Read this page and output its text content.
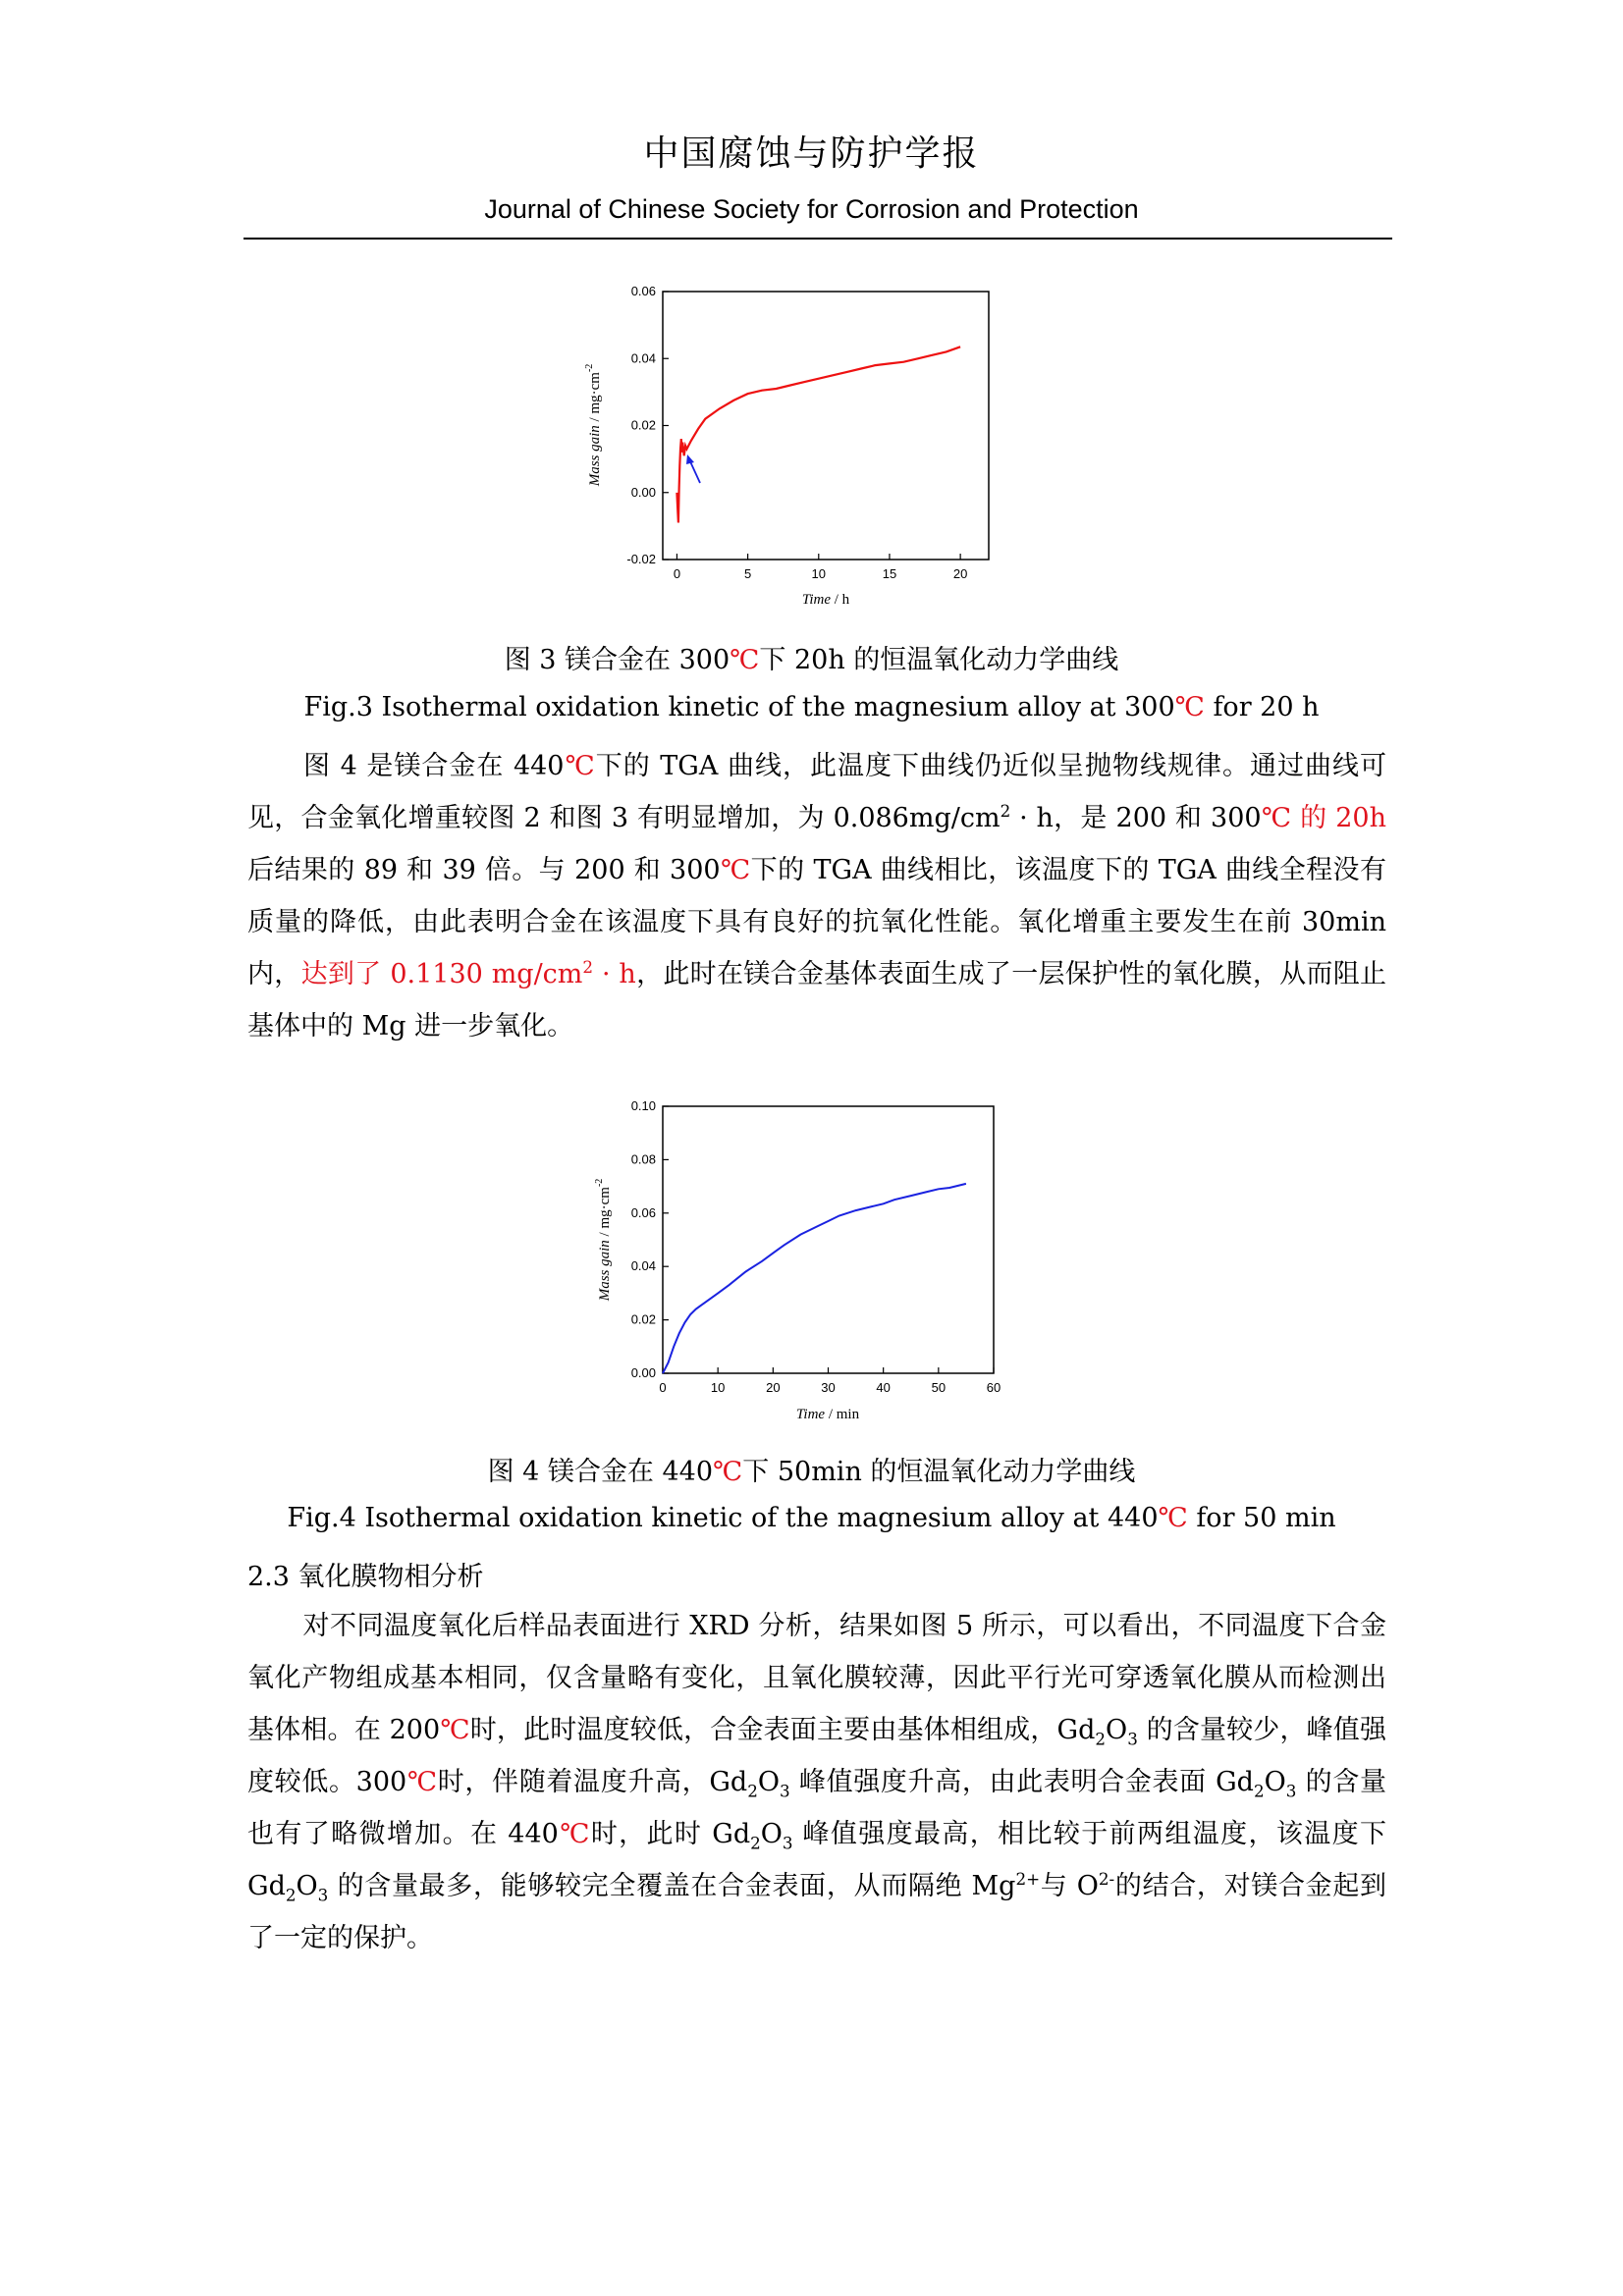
中国腐蚀与防护学报
Journal of Chinese Society for Corrosion and Protection
0	5	10	15	20
-0.02
0.00
0.02
0.04
0.06
Time / h
Mass gain / $mg\cdot cm^{-2}$
图 3 镁合金在 300℃下 20h 的恒温氧化动力学曲线
Fig.3 Isothermal oxidation kinetic of the magnesium alloy at 300℃ for 20 h
图 4 是镁合金在 440℃下的 TGA 曲线，此温度下曲线仍近似呈抛物线规律。通过曲线可见，合金氧化增重较图 2 和图 3 有明显增加，为 $0.086mg/cm^2 \cdot h$，是 200 和 300℃ 的 20h后结果的 89 和 39 倍。与 200 和 300℃下的 TGA 曲线相比，该温度下的 TGA 曲线全程没有质量的降低，由此表明合金在该温度下具有良好的抗氧化性能。氧化增重主要发生在前 30min 内，达到了 0.1130 $mg/cm^2 \cdot h$，此时在镁合金基体表面生成了一层保护性的氧化膜，从而阻止基体中的 Mg 进一步氧化。
0	10	20	30	40	50	60
0.00
0.02
0.04
0.06
0.08
0.10
Time / min
Mass gain / $mg\cdot cm^{-2}$
图 4 镁合金在 440℃下 50min 的恒温氧化动力学曲线
Fig.4 Isothermal oxidation kinetic of the magnesium alloy at 440℃ for 50 min
2.3 氧化膜物相分析
对不同温度氧化后样品表面进行 XRD 分析，结果如图 5 所示，可以看出，不同温度下合金氧化产物组成基本相同，仅含量略有变化，且氧化膜较薄，因此平行光可穿透氧化膜从而检测出基体相。在 200℃时，此时温度较低，合金表面主要由基体相组成，$Gd_2O_3$ 的含量较少，峰值强度较低。300℃时，伴随着温度升高，$Gd_2O_3$ 峰值强度升高，由此表明合金表面 $Gd_2O_3$ 的含量也有了略微增加。在 440℃时，此时 $Gd_2O_3$ 峰值强度最高，相比较于前两组温度，该温度下 $Gd_2O_3$ 的含量最多，能够较完全覆盖在合金表面，从而隔绝 $Mg^{2+}$与 $O^{2-}$的结合，对镁合金起到了一定的保护。
